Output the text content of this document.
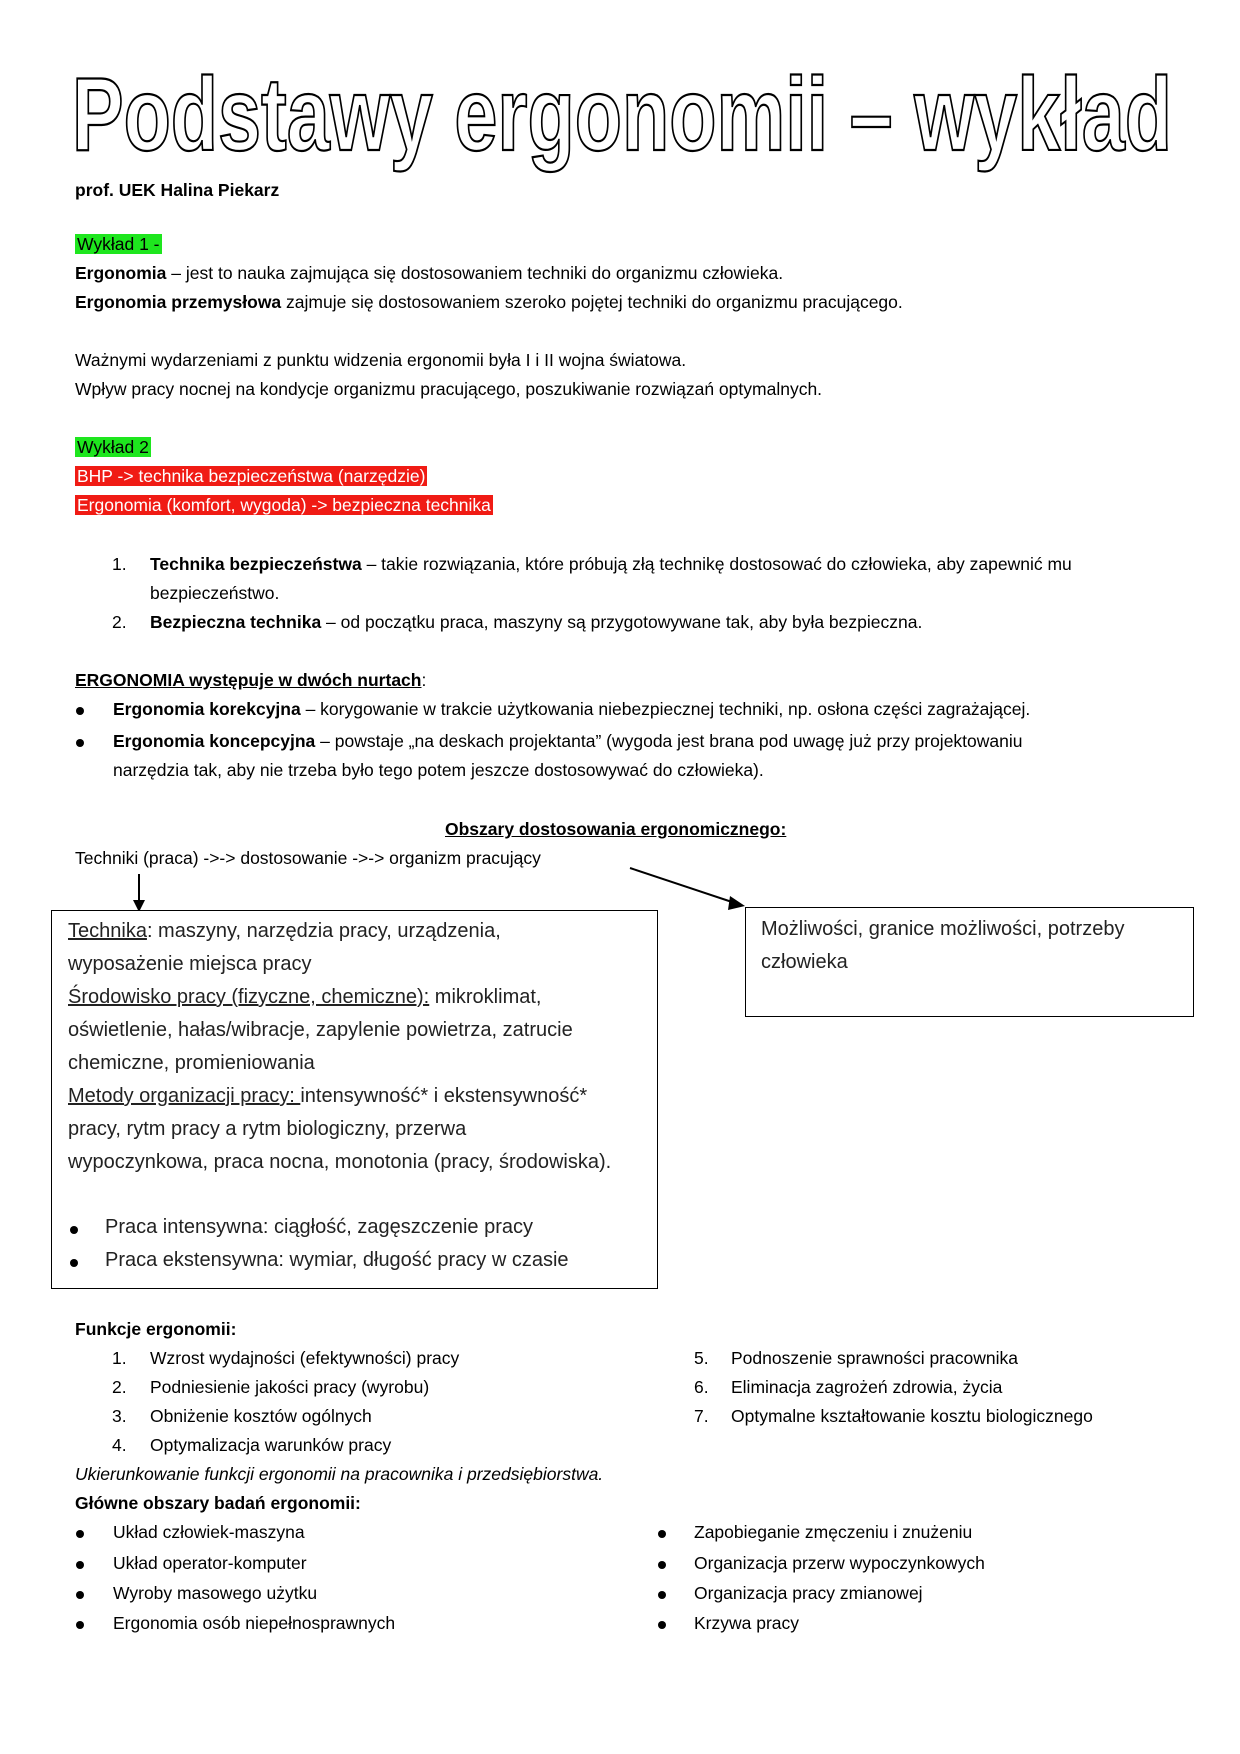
Podstawy ergonomii – wykład
prof. UEK Halina Piekarz
Wykład 1 -
Ergonomia – jest to nauka zajmująca się dostosowaniem techniki do organizmu człowieka.
Ergonomia przemysłowa zajmuje się dostosowaniem szeroko pojętej techniki do organizmu pracującego.
Ważnymi wydarzeniami z punktu widzenia ergonomii była I i II wojna światowa.
Wpływ pracy nocnej na kondycje organizmu pracującego, poszukiwanie rozwiązań optymalnych.
Wykład 2
BHP -> technika bezpieczeństwa (narzędzie)
Ergonomia (komfort, wygoda) -> bezpieczna technika
1. Technika bezpieczeństwa – takie rozwiązania, które próbują złą technikę dostosować do człowieka, aby zapewnić mu
bezpieczeństwo.
2. Bezpieczna technika – od początku praca, maszyny są przygotowywane tak, aby była bezpieczna.
ERGONOMIA występuje w dwóch nurtach:
Ergonomia korekcyjna – korygowanie w trakcie użytkowania niebezpiecznej techniki, np. osłona części zagrażającej.
Ergonomia koncepcyjna – powstaje „na deskach projektanta” (wygoda jest brana pod uwagę już przy projektowaniu
narzędzia tak, aby nie trzeba było tego potem jeszcze dostosowywać do człowieka).
Obszary dostosowania ergonomicznego:
Techniki (praca) ->-> dostosowanie ->-> organizm pracujący
Technika: maszyny, narzędzia pracy, urządzenia,
wyposażenie miejsca pracy
Środowisko pracy (fizyczne, chemiczne): mikroklimat,
oświetlenie, hałas/wibracje, zapylenie powietrza, zatrucie
chemiczne, promieniowania
Metody organizacji pracy: intensywność* i ekstensywność*
pracy, rytm pracy a rytm biologiczny, przerwa
wypoczynkowa, praca nocna, monotonia (pracy, środowiska).
Praca intensywna: ciągłość, zagęszczenie pracy
Praca ekstensywna: wymiar, długość pracy w czasie
Możliwości, granice możliwości, potrzeby
człowieka
Funkcje ergonomii:
1. Wzrost wydajności (efektywności) pracy
2. Podniesienie jakości pracy (wyrobu)
3. Obniżenie kosztów ogólnych
4. Optymalizacja warunków pracy
5. Podnoszenie sprawności pracownika
6. Eliminacja zagrożeń zdrowia, życia
7. Optymalne kształtowanie kosztu biologicznego
Ukierunkowanie funkcji ergonomii na pracownika i przedsiębiorstwa.
Główne obszary badań ergonomii:
Układ człowiek-maszyna
Układ operator-komputer
Wyroby masowego użytku
Ergonomia osób niepełnosprawnych
Zapobieganie zmęczeniu i znużeniu
Organizacja przerw wypoczynkowych
Organizacja pracy zmianowej
Krzywa pracy
